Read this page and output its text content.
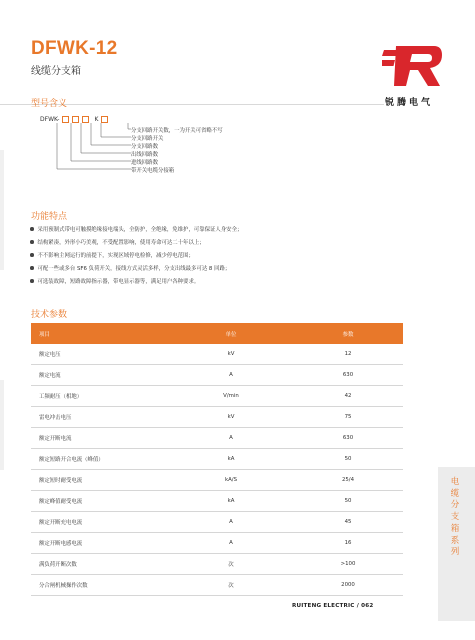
DFWK-12
线缆分支箱
锐腾电气
型号含义
DFWK-	K
分支回路开关数，一为开关可省略不写
分支回路开关
分支回路数
出线回路数
进线回路数
带开关电缆分接箱
功能特点
采用预制式带电可触摸绝缘接电端头，全防护，全绝缘，免维护，可靠保证人身安全；
结构紧凑，外形小巧美观，不受配置影响，使用寿命可达二十年以上；
不不影响主网运行的前提下，实现区域停电检修，减少停电范围；
可配一些或多台 SF6 负荷开关，接线方式灵活多样，分支出线最多可达 8 回路；
可选装故障，短路故障指示器，带电显示器等，满足用户各种要求。
技术参数
项目	单位	参数
额定电压	kV	12
额定电流	A	630
工频耐压（相地）	V/min	42
雷电冲击电压	kV	75
额定开断电流	A	630
额定短路开合电流（峰值）	kA	50
额定短时耐受电流	kA/S	25/4
额定峰值耐受电流	kA	50
额定开断充电电流	A	45
额定开断电感电流	A	16
满负荷开断次数	次	>100
分合闸机械操作次数	次	2000
电缆分支箱系列
RUITENG ELECTRIC / 062
